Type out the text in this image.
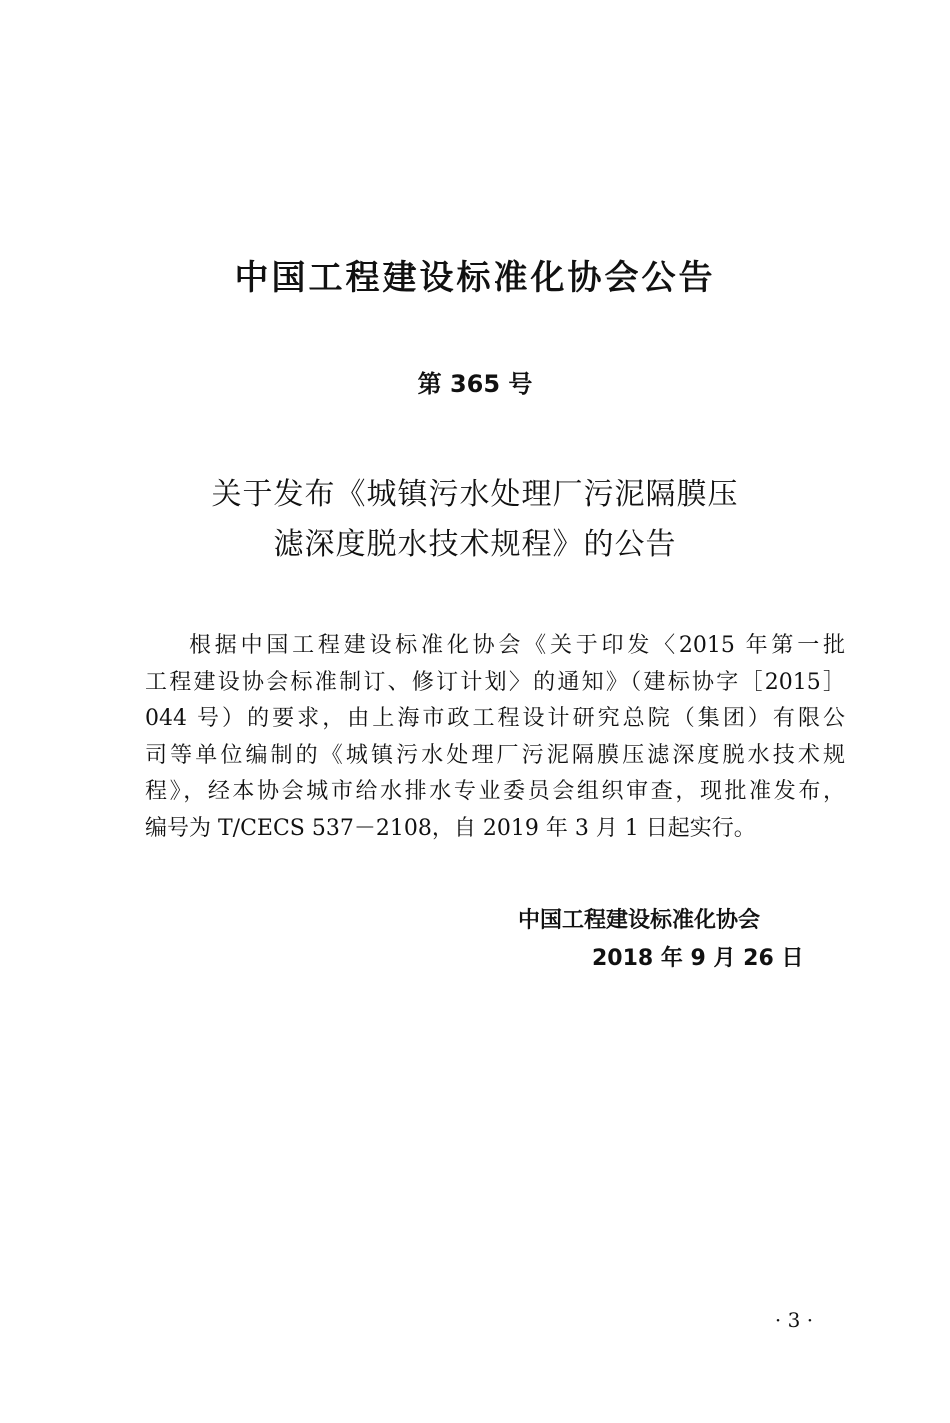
中国工程建设标准化协会公告
第 365 号
关于发布《城镇污水处理厂污泥隔膜压
滤深度脱水技术规程》的公告
根据中国工程建设标准化协会《关于印发〈2015 年第一批
工程建设协会标准制订、修订计划〉的通知》（建标协字［2015］
044 号）的要求，由上海市政工程设计研究总院（集团）有限公
司等单位编制的《城镇污水处理厂污泥隔膜压滤深度脱水技术规
程》，经本协会城市给水排水专业委员会组织审查，现批准发布，
编号为 T/CECS 537－2108，自 2019 年 3 月 1 日起实行。
中国工程建设标准化协会
2018 年 9 月 26 日
· 3 ·
